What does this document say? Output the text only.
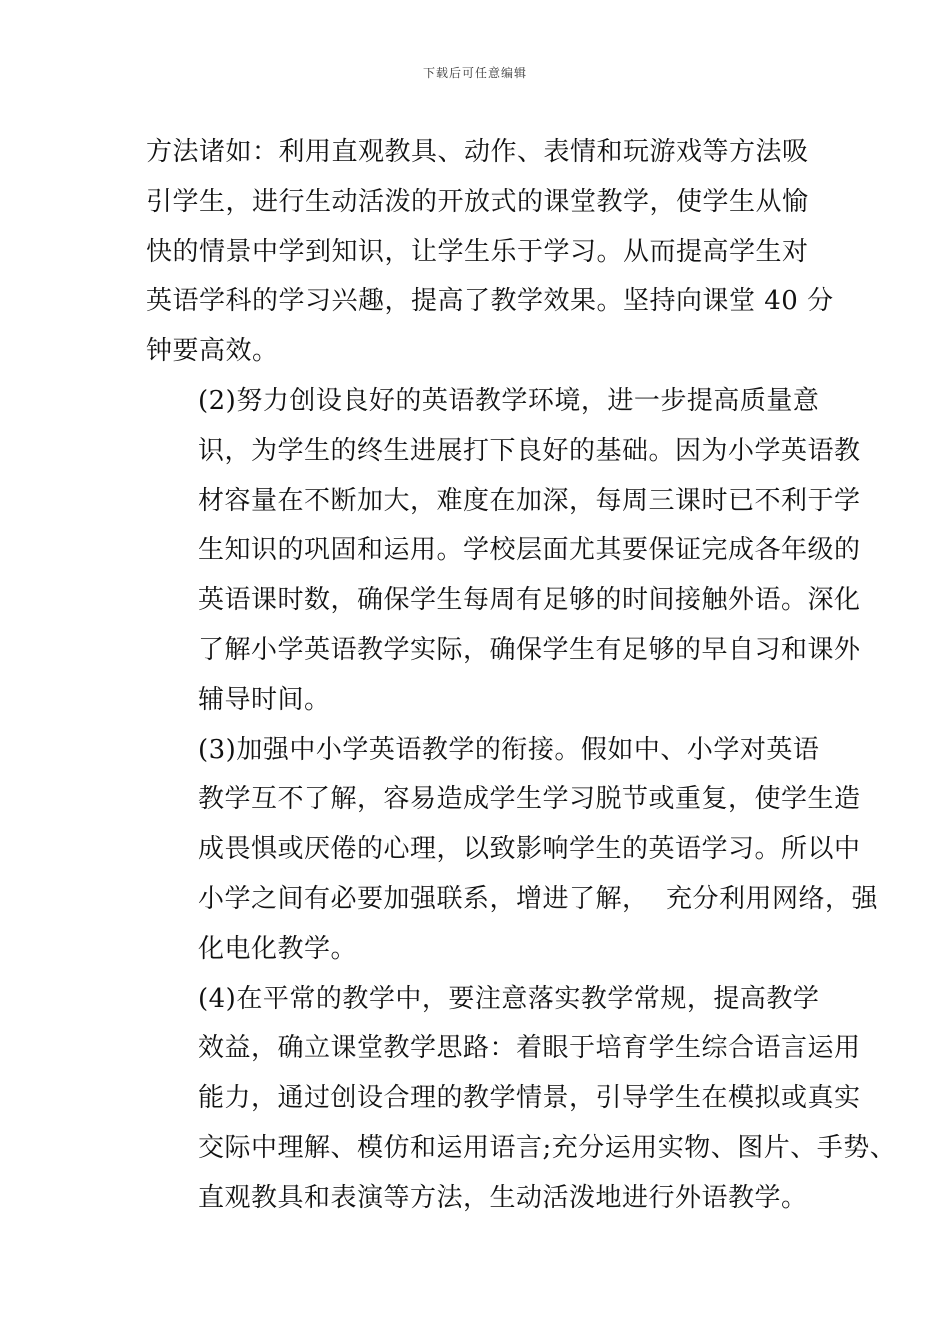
下载后可任意编辑

方法诸如：利用直观教具、动作、表情和玩游戏等方法吸
引学生，进行生动活泼的开放式的课堂教学，使学生从愉
快的情景中学到知识，让学生乐于学习。从而提高学生对
英语学科的学习兴趣，提高了教学效果。坚持向课堂 40 分
钟要高效。

(2)努力创设良好的英语教学环境，进一步提高质量意
识，为学生的终生进展打下良好的基础。因为小学英语教
材容量在不断加大，难度在加深，每周三课时已不利于学
生知识的巩固和运用。学校层面尤其要保证完成各年级的
英语课时数，确保学生每周有足够的时间接触外语。深化
了解小学英语教学实际，确保学生有足够的早自习和课外
辅导时间。

(3)加强中小学英语教学的衔接。假如中、小学对英语
教学互不了解，容易造成学生学习脱节或重复，使学生造
成畏惧或厌倦的心理，以致影响学生的英语学习。所以中
小学之间有必要加强联系，增进了解，  充分利用网络，强
化电化教学。

(4)在平常的教学中，要注意落实教学常规，提高教学
效益，确立课堂教学思路：着眼于培育学生综合语言运用
能力，通过创设合理的教学情景，引导学生在模拟或真实
交际中理解、模仿和运用语言;充分运用实物、图片、手势、
直观教具和表演等方法，生动活泼地进行外语教学。
